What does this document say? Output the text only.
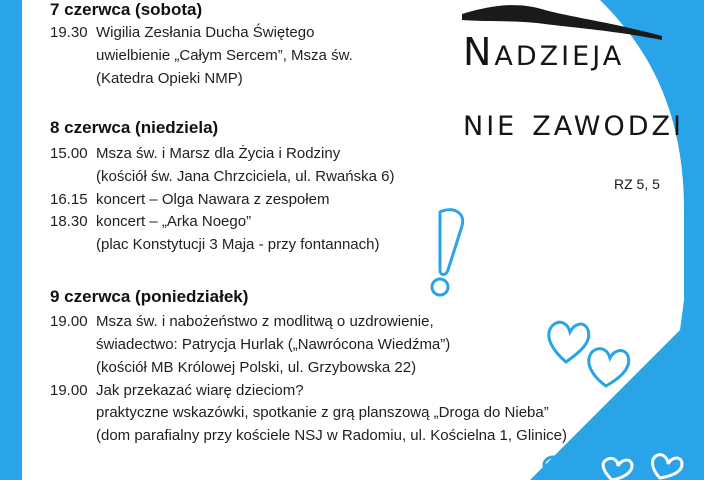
Nadzieja
nie zawodzi
RZ 5, 5
7 czerwca (sobota)
19.30 Wigilia Zesłania Ducha Świętego
uwielbienie „Całym Sercem”, Msza św.
(Katedra Opieki NMP)
8 czerwca (niedziela)
15.00 Msza św. i Marsz dla Życia i Rodziny
(kościół św. Jana Chrzciciela, ul. Rwańska 6)
16.15 koncert – Olga Nawara z zespołem
18.30 koncert – „Arka Noego”
(plac Konstytucji 3 Maja - przy fontannach)
9 czerwca (poniedziałek)
19.00 Msza św. i nabożeństwo z modlitwą o uzdrowienie,
świadectwo: Patrycja Hurlak („Nawrócona Wiedźma”)
(kościół MB Królowej Polski, ul. Grzybowska 22)
19.00 Jak przekazać wiarę dzieciom?
praktyczne wskazówki, spotkanie z grą planszową „Droga do Nieba”
(dom parafialny przy kościele NSJ w Radomiu, ul. Kościelna 1, Glinice)
